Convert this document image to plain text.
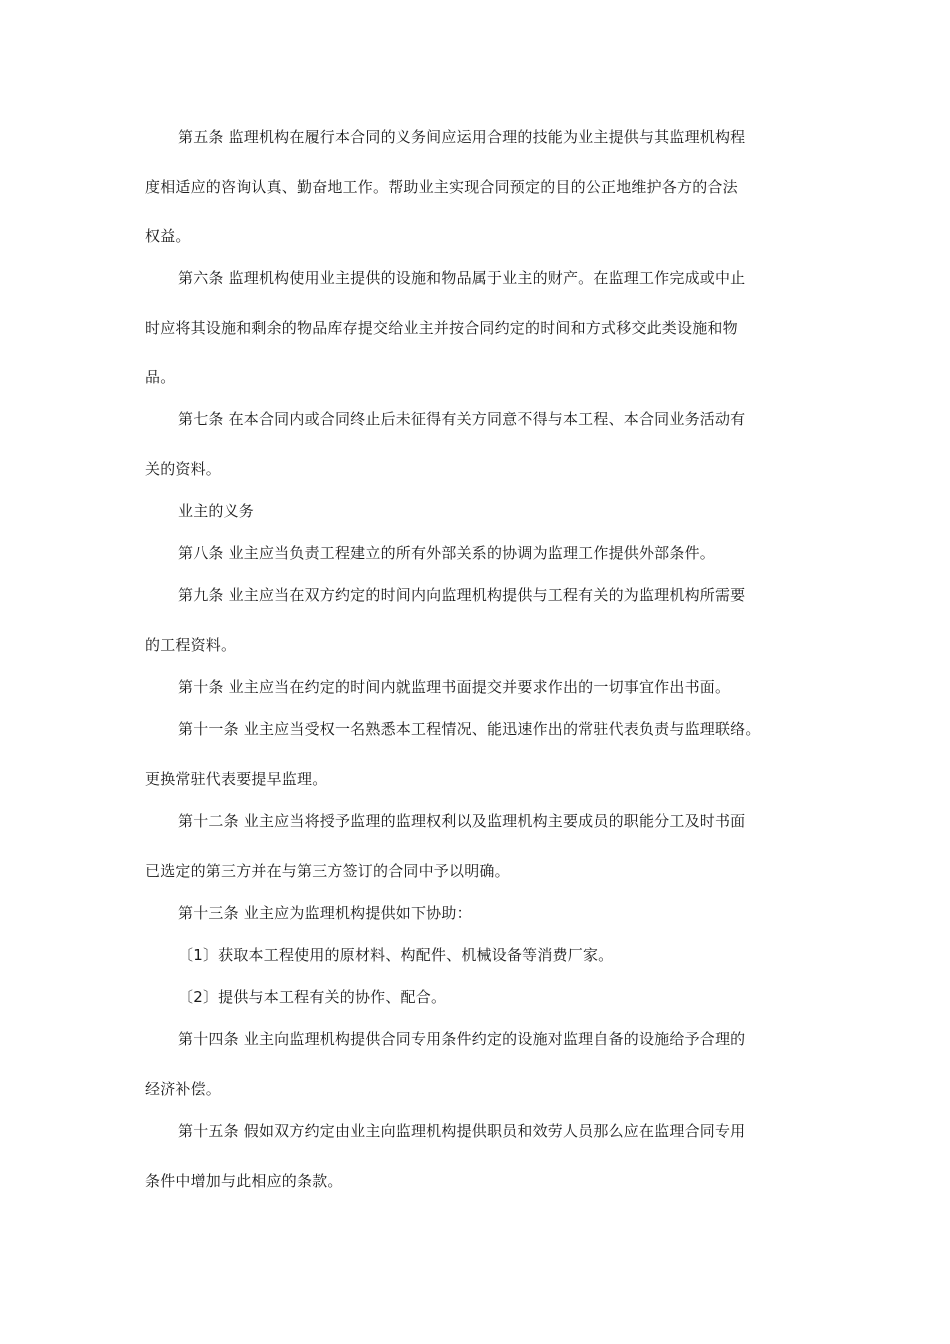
第五条 监理机构在履行本合同的义务间应运用合理的技能为业主提供与其监理机构程
度相适应的咨询认真、勤奋地工作。帮助业主实现合同预定的目的公正地维护各方的合法
权益。
第六条 监理机构使用业主提供的设施和物品属于业主的财产。在监理工作完成或中止
时应将其设施和剩余的物品库存提交给业主并按合同约定的时间和方式移交此类设施和物
品。
第七条 在本合同内或合同终止后未征得有关方同意不得与本工程、本合同业务活动有
关的资料。
业主的义务
第八条 业主应当负责工程建立的所有外部关系的协调为监理工作提供外部条件。
第九条 业主应当在双方约定的时间内向监理机构提供与工程有关的为监理机构所需要
的工程资料。
第十条 业主应当在约定的时间内就监理书面提交并要求作出的一切事宜作出书面。
第十一条 业主应当受权一名熟悉本工程情况、能迅速作出的常驻代表负责与监理联络。
更换常驻代表要提早监理。
第十二条 业主应当将授予监理的监理权利以及监理机构主要成员的职能分工及时书面
已选定的第三方并在与第三方签订的合同中予以明确。
第十三条 业主应为监理机构提供如下协助：
〔1〕获取本工程使用的原材料、构配件、机械设备等消费厂家。
〔2〕提供与本工程有关的协作、配合。
第十四条 业主向监理机构提供合同专用条件约定的设施对监理自备的设施给予合理的
经济补偿。
第十五条 假如双方约定由业主向监理机构提供职员和效劳人员那么应在监理合同专用
条件中增加与此相应的条款。
